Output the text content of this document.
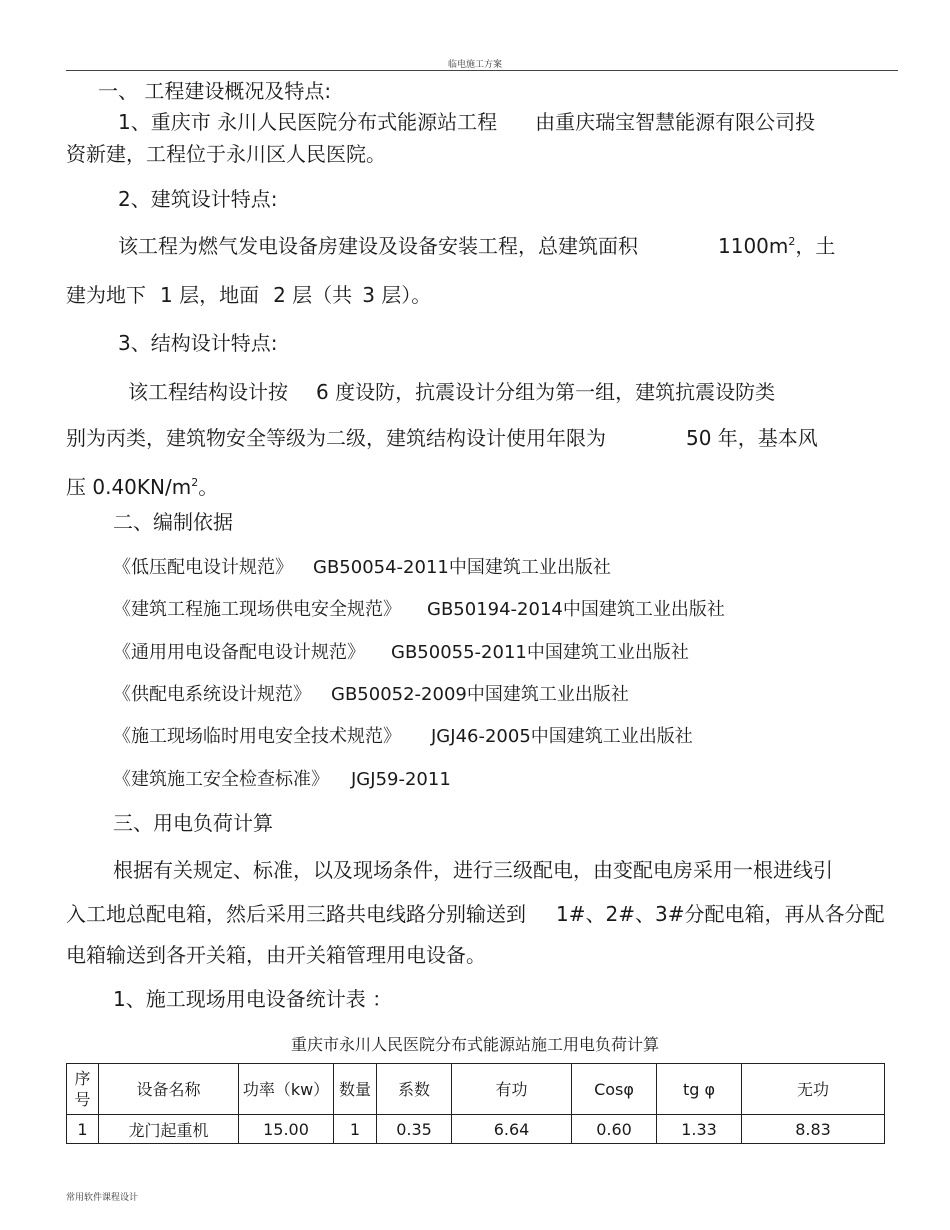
临电施工方案
一、 工程建设概况及特点:
1、重庆市 永川人民医院分布式能源站工程 由重庆瑞宝智慧能源有限公司投
资新建，工程位于永川区人民医院。
2、建筑设计特点:
该工程为燃气发电设备房建设及设备安装工程，总建筑面积	$1100m^2$，土
建为地下 1 层，地面 2 层（共 3 层）。
3、结构设计特点:
该工程结构设计按 6 度设防，抗震设计分组为第一组，建筑抗震设防类
别为丙类，建筑物安全等级为二级，建筑结构设计使用年限为	50 年，基本风
压 $0.40KN/m^2$。
二、编制依据
《低压配电设计规范》 GB50054-2011中国建筑工业出版社
《建筑工程施工现场供电安全规范》 GB50194-2014中国建筑工业出版社
《通用用电设备配电设计规范》 GB50055-2011中国建筑工业出版社
《供配电系统设计规范》 GB50052-2009中国建筑工业出版社
《施工现场临时用电安全技术规范》 JGJ46-2005中国建筑工业出版社
《建筑施工安全检查标准》 JGJ59-2011
三、用电负荷计算
根据有关规定、标准，以及现场条件，进行三级配电，由变配电房采用一根进线引
入工地总配电箱，然后采用三路共电线路分别输送到 1#、2#、3#分配电箱，再从各分配
电箱输送到各开关箱，由开关箱管理用电设备。
1、施工现场用电设备统计表 ：
重庆市永川人民医院分布式能源站施工用电负荷计算
序号	设备名称	功率（kw）	数量	系数	有功	Cosφ	tg φ	无功
1	龙门起重机	15.00	1	0.35	6.64	0.60	1.33	8.83
常用软件课程设计
